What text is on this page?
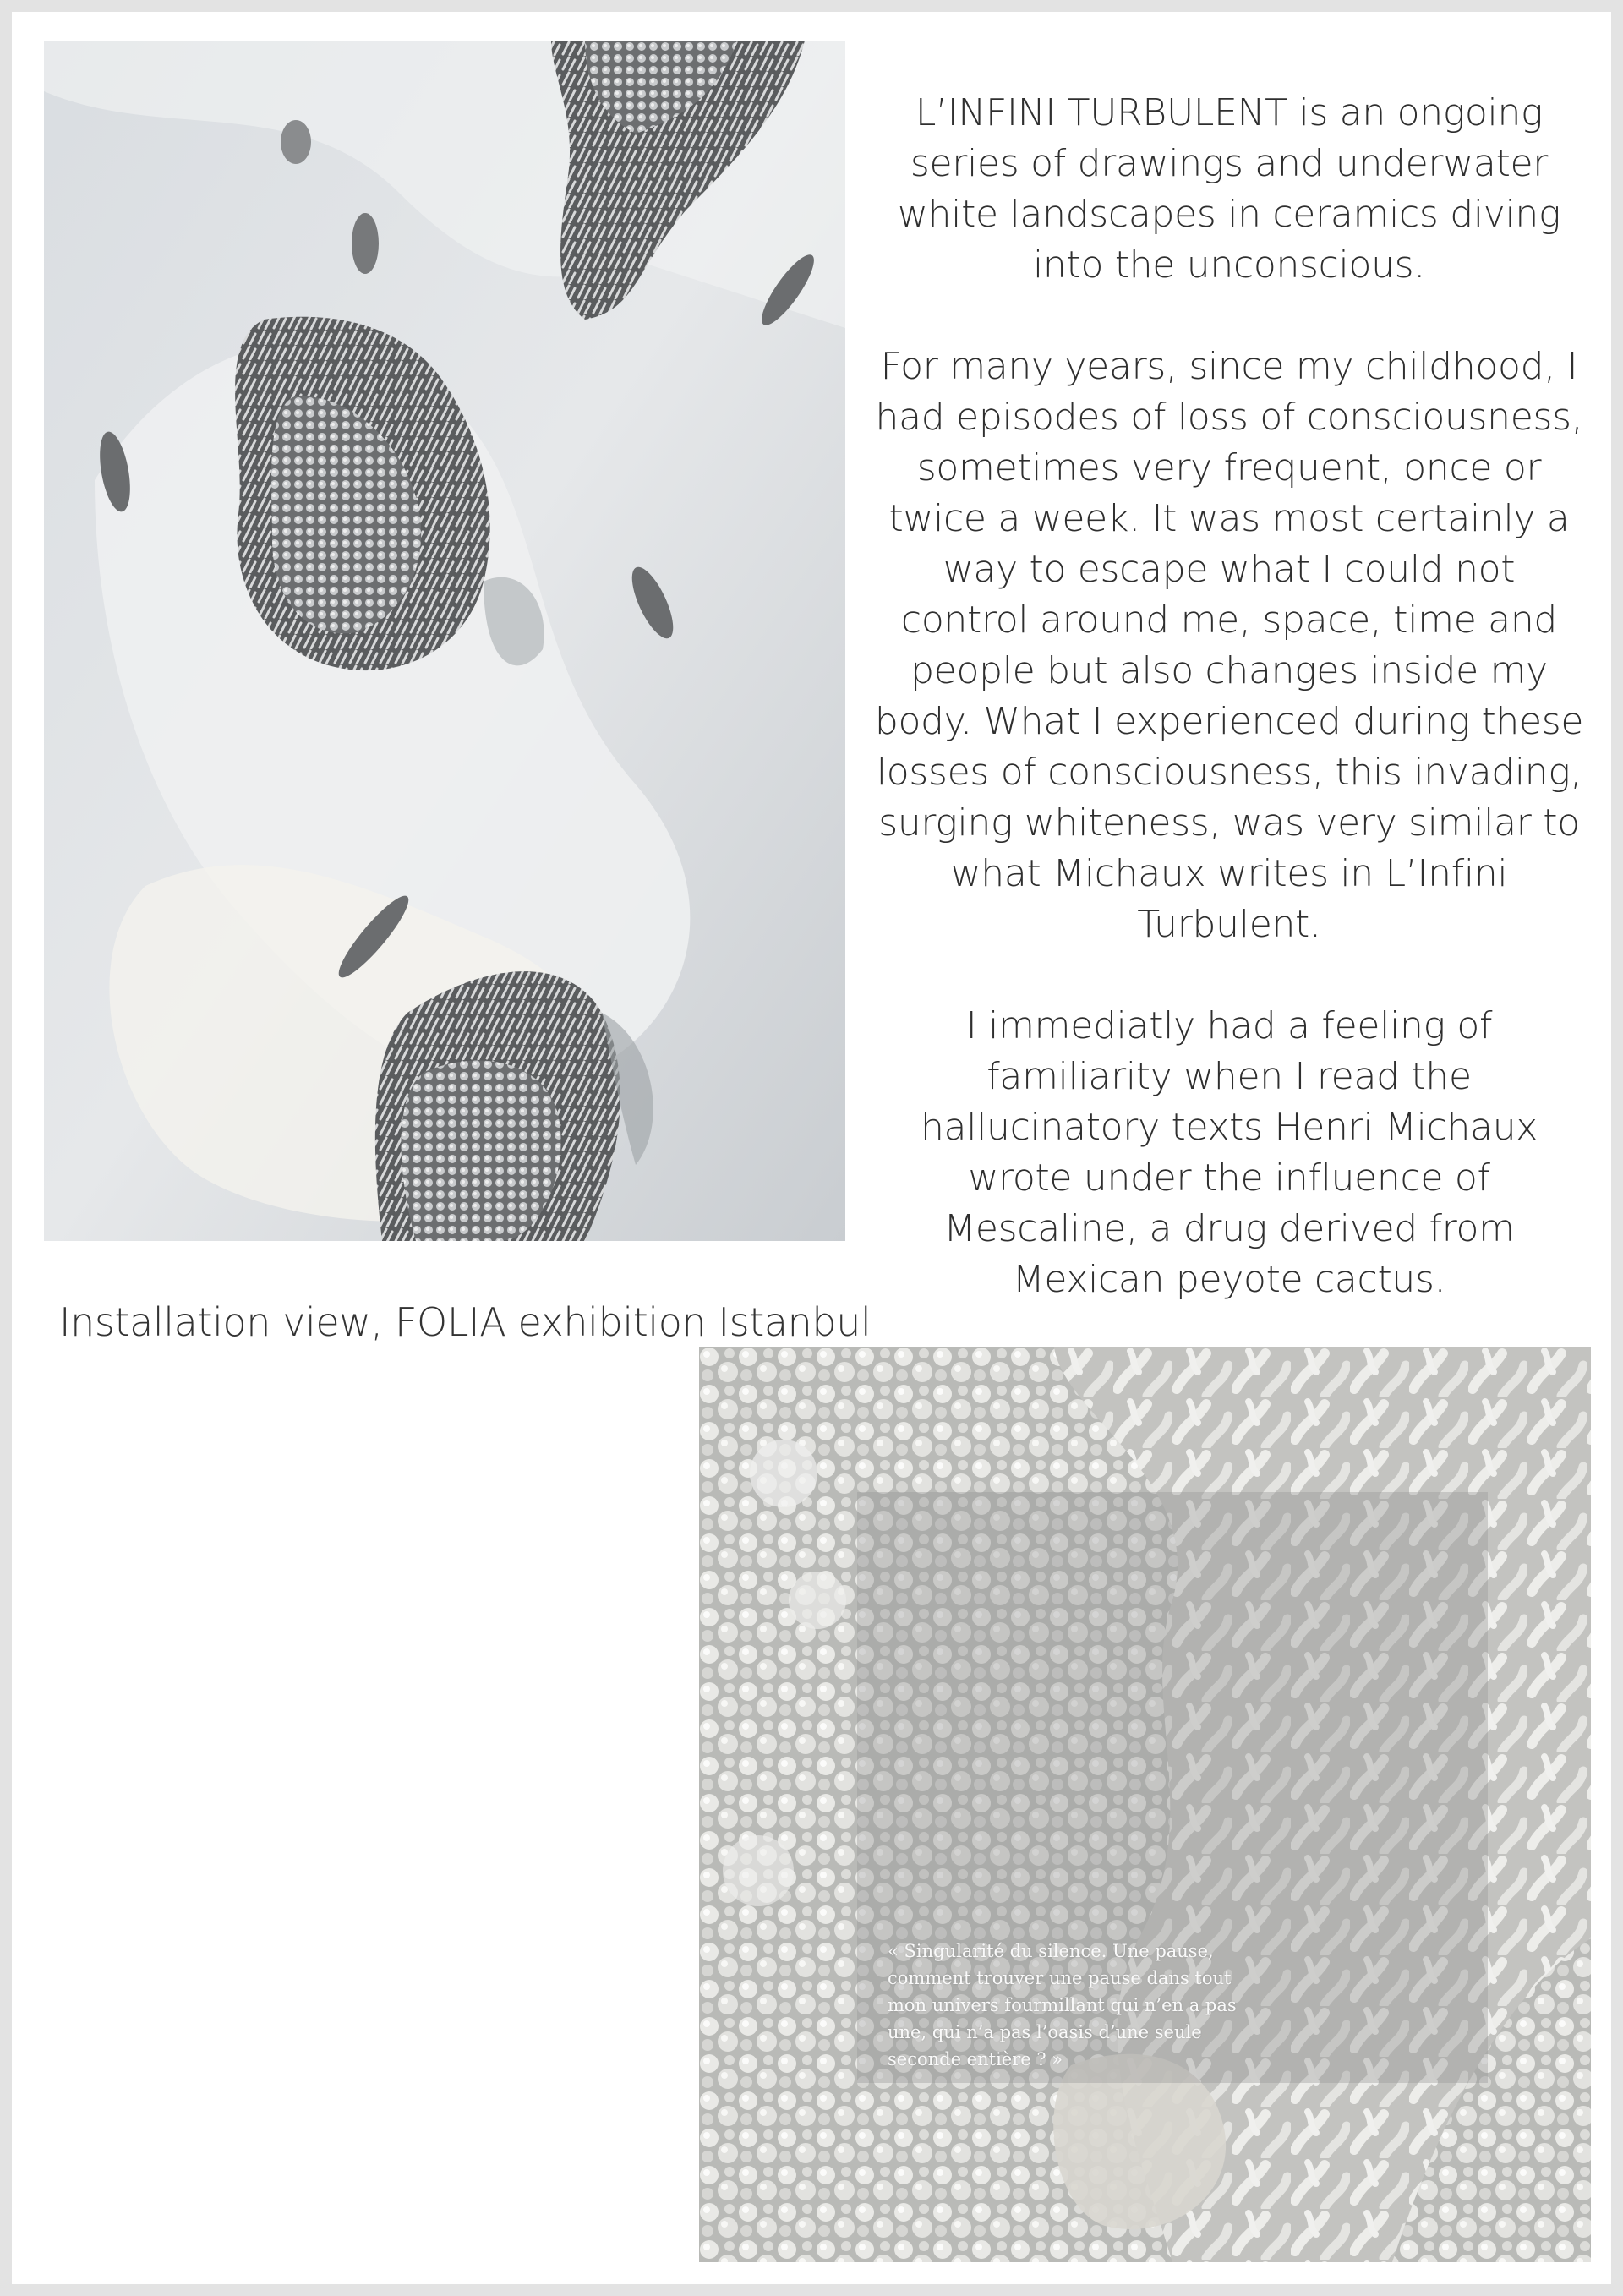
L’INFINI TURBULENT is an ongoing series of drawings and underwater white landscapes in ceramics diving into the unconscious.

For many years, since my childhood, I had episodes of loss of consciousness, sometimes very frequent, once or twice a week. It was most certainly a way to escape what I could not control around me, space, time and people but also changes inside my body. What I experienced during these losses of consciousness, this invading, surging whiteness, was very similar to what Michaux writes in L’Infini Turbulent.

I immediatly had a feeling of familiarity when I read the hallucinatory texts Henri Michaux wrote under the influence of Mescaline, a drug derived from Mexican peyote cactus.

Installation view, FOLIA exhibition Istanbul
« Singularité du silence. Une pause, comment trouver une pause dans tout mon univers fourmillant qui n’en a pas une, qui n’a pas l’oasis d’une seule seconde entière ? »
